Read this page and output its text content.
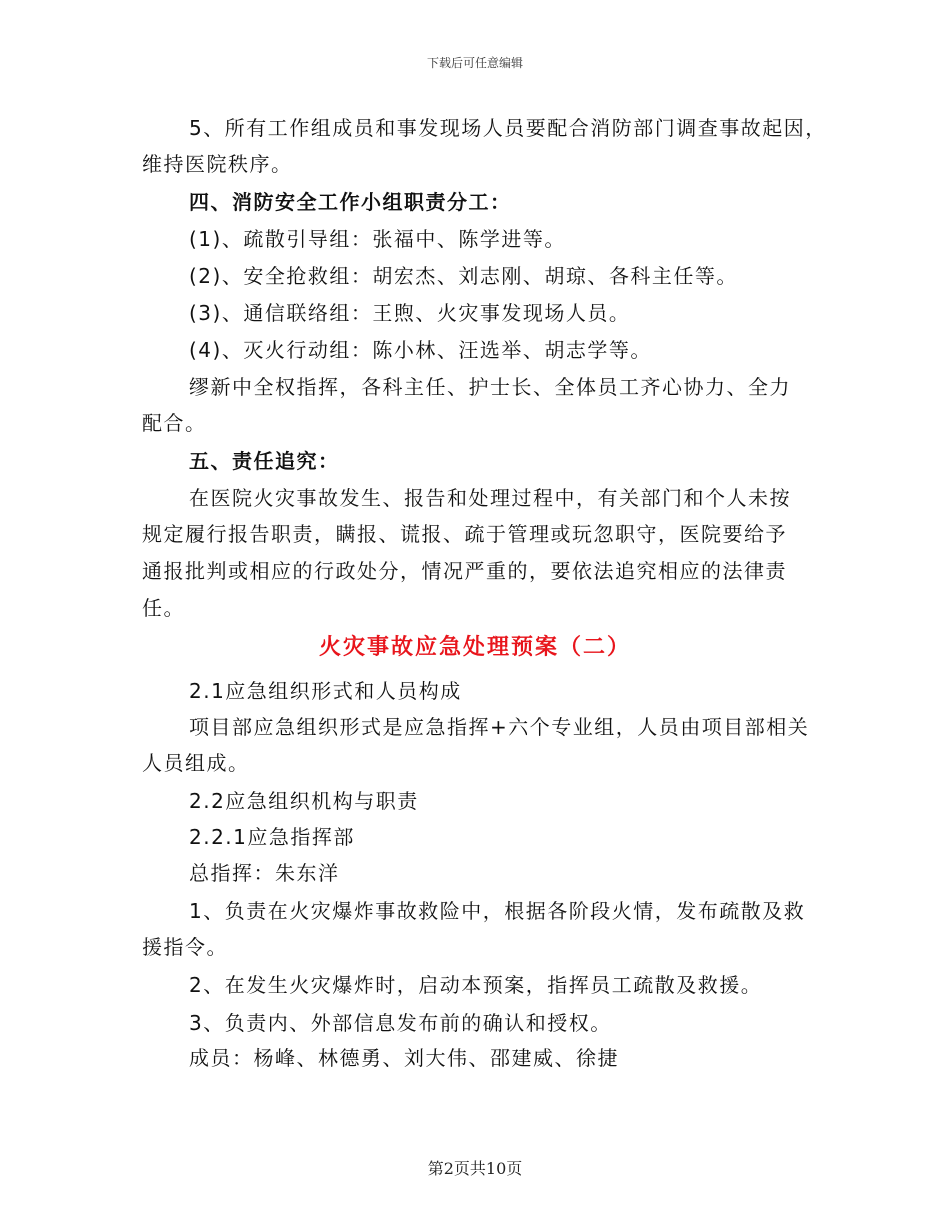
下载后可任意编辑
5、所有工作组成员和事发现场人员要配合消防部门调查事故起因，
维持医院秩序。
四、消防安全工作小组职责分工：
(1)、疏散引导组：张福中、陈学进等。
(2)、安全抢救组：胡宏杰、刘志刚、胡琼、各科主任等。
(3)、通信联络组：王煦、火灾事发现场人员。
(4)、灭火行动组：陈小林、汪选举、胡志学等。
缪新中全权指挥，各科主任、护士长、全体员工齐心协力、全力
配合。
五、责任追究：
在医院火灾事故发生、报告和处理过程中，有关部门和个人未按
规定履行报告职责，瞒报、谎报、疏于管理或玩忽职守，医院要给予
通报批判或相应的行政处分，情况严重的，要依法追究相应的法律责
任。
火灾事故应急处理预案（二）
2.1应急组织形式和人员构成
项目部应急组织形式是应急指挥+六个专业组，人员由项目部相关
人员组成。
2.2应急组织机构与职责
2.2.1应急指挥部
总指挥：朱东洋
1、负责在火灾爆炸事故救险中，根据各阶段火情，发布疏散及救
援指令。
2、在发生火灾爆炸时，启动本预案，指挥员工疏散及救援。
3、负责内、外部信息发布前的确认和授权。
成员：杨峰、林德勇、刘大伟、邵建威、徐捷
第2页共10页
